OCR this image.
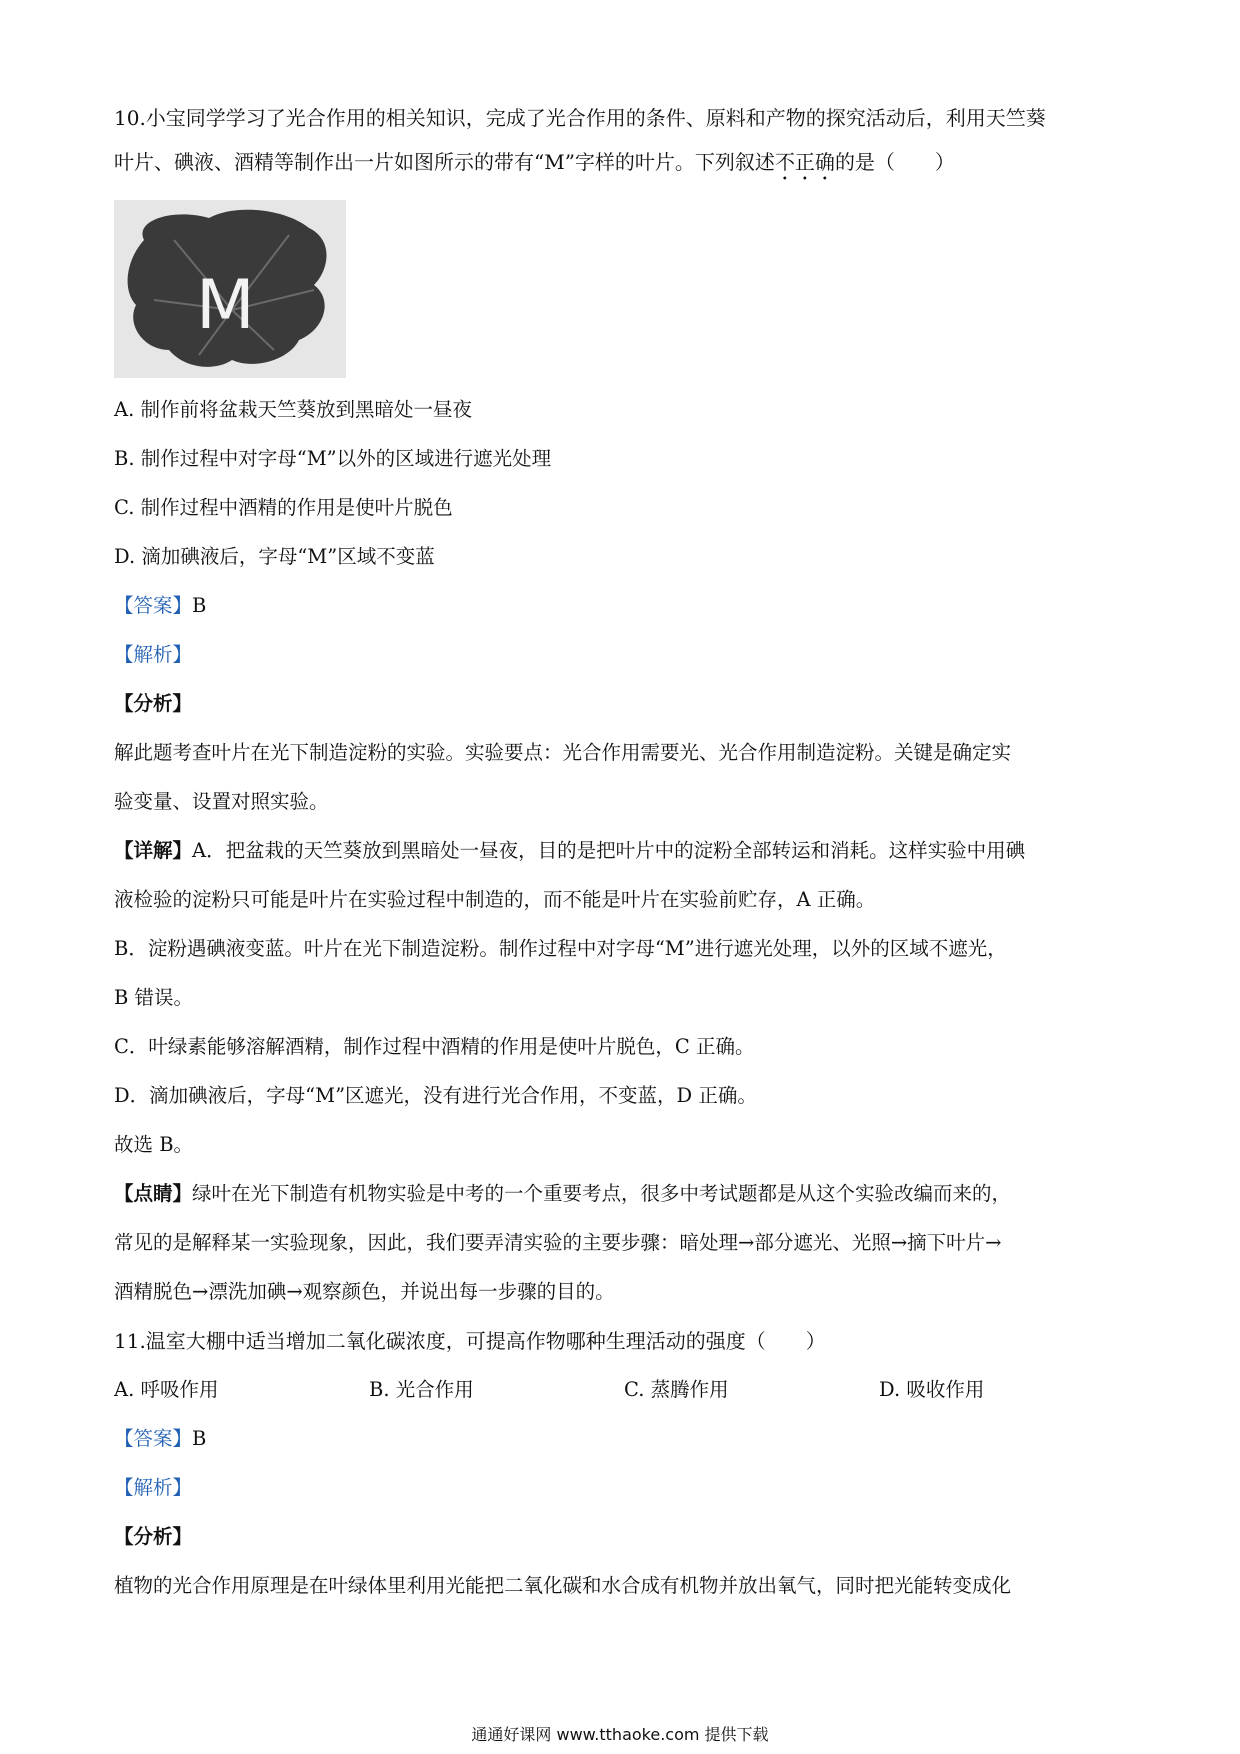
10.小宝同学学习了光合作用的相关知识，完成了光合作用的条件、原料和产物的探究活动后，利用天竺葵
叶片、碘液、酒精等制作出一片如图所示的带有“M”字样的叶片。下列叙述不正确的是（　　）
M
A. 制作前将盆栽天竺葵放到黑暗处一昼夜
B. 制作过程中对字母“M”以外的区域进行遮光处理
C. 制作过程中酒精的作用是使叶片脱色
D. 滴加碘液后，字母“M”区域不变蓝
【答案】B
【解析】
【分析】
解此题考查叶片在光下制造淀粉的实验。实验要点：光合作用需要光、光合作用制造淀粉。关键是确定实
验变量、设置对照实验。
【详解】A．把盆栽的天竺葵放到黑暗处一昼夜，目的是把叶片中的淀粉全部转运和消耗。这样实验中用碘
液检验的淀粉只可能是叶片在实验过程中制造的，而不能是叶片在实验前贮存，A 正确。
B．淀粉遇碘液变蓝。叶片在光下制造淀粉。制作过程中对字母“M”进行遮光处理，以外的区域不遮光，
B 错误。
C．叶绿素能够溶解酒精，制作过程中酒精的作用是使叶片脱色，C 正确。
D．滴加碘液后，字母“M”区遮光，没有进行光合作用，不变蓝，D 正确。
故选 B。
【点睛】绿叶在光下制造有机物实验是中考的一个重要考点，很多中考试题都是从这个实验改编而来的，
常见的是解释某一实验现象，因此，我们要弄清实验的主要步骤：暗处理→部分遮光、光照→摘下叶片→
酒精脱色→漂洗加碘→观察颜色，并说出每一步骤的目的。
11.温室大棚中适当增加二氧化碳浓度，可提高作物哪种生理活动的强度（　　）
A. 呼吸作用	B. 光合作用	C. 蒸腾作用	D. 吸收作用
【答案】B
【解析】
【分析】
植物的光合作用原理是在叶绿体里利用光能把二氧化碳和水合成有机物并放出氧气，同时把光能转变成化
通通好课网 www.tthaoke.com 提供下载
